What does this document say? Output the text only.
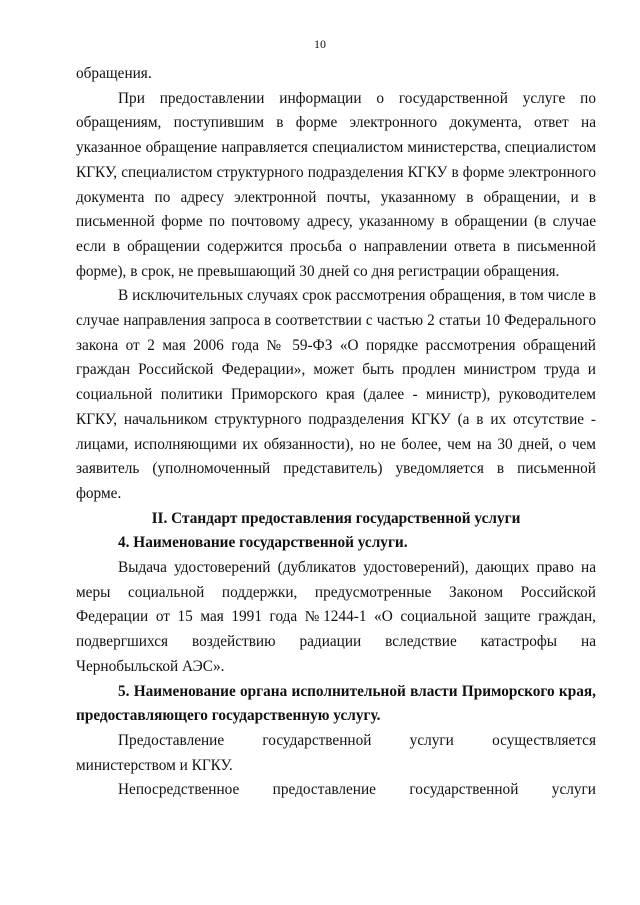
10

обращения.

При предоставлении информации о государственной услуге по обращениям, поступившим в форме электронного документа, ответ на указанное обращение направляется специалистом министерства, специалистом КГКУ, специалистом структурного подразделения КГКУ в форме электронного документа по адресу электронной почты, указанному в обращении, и в письменной форме по почтовому адресу, указанному в обращении (в случае если в обращении содержится просьба о направлении ответа в письменной форме), в срок, не превышающий 30 дней со дня регистрации обращения.

В исключительных случаях срок рассмотрения обращения, в том числе в случае направления запроса в соответствии с частью 2 статьи 10 Федерального закона от 2 мая 2006 года № 59-ФЗ «О порядке рассмотрения обращений граждан Российской Федерации», может быть продлен министром труда и социальной политики Приморского края (далее - министр), руководителем КГКУ, начальником структурного подразделения КГКУ (а в их отсутствие - лицами, исполняющими их обязанности), но не более, чем на 30 дней, о чем заявитель (уполномоченный представитель) уведомляется в письменной форме.

II. Стандарт предоставления государственной услуги

4. Наименование государственной услуги.

Выдача удостоверений (дубликатов удостоверений), дающих право на меры социальной поддержки, предусмотренные Законом Российской Федерации от 15 мая 1991 года №1244-1 «О социальной защите граждан, подвергшихся воздействию радиации вследствие катастрофы на Чернобыльской АЭС».

5. Наименование органа исполнительной власти Приморского края, предоставляющего государственную услугу.

Предоставление государственной услуги осуществляется министерством и КГКУ.

Непосредственное предоставление государственной услуги
